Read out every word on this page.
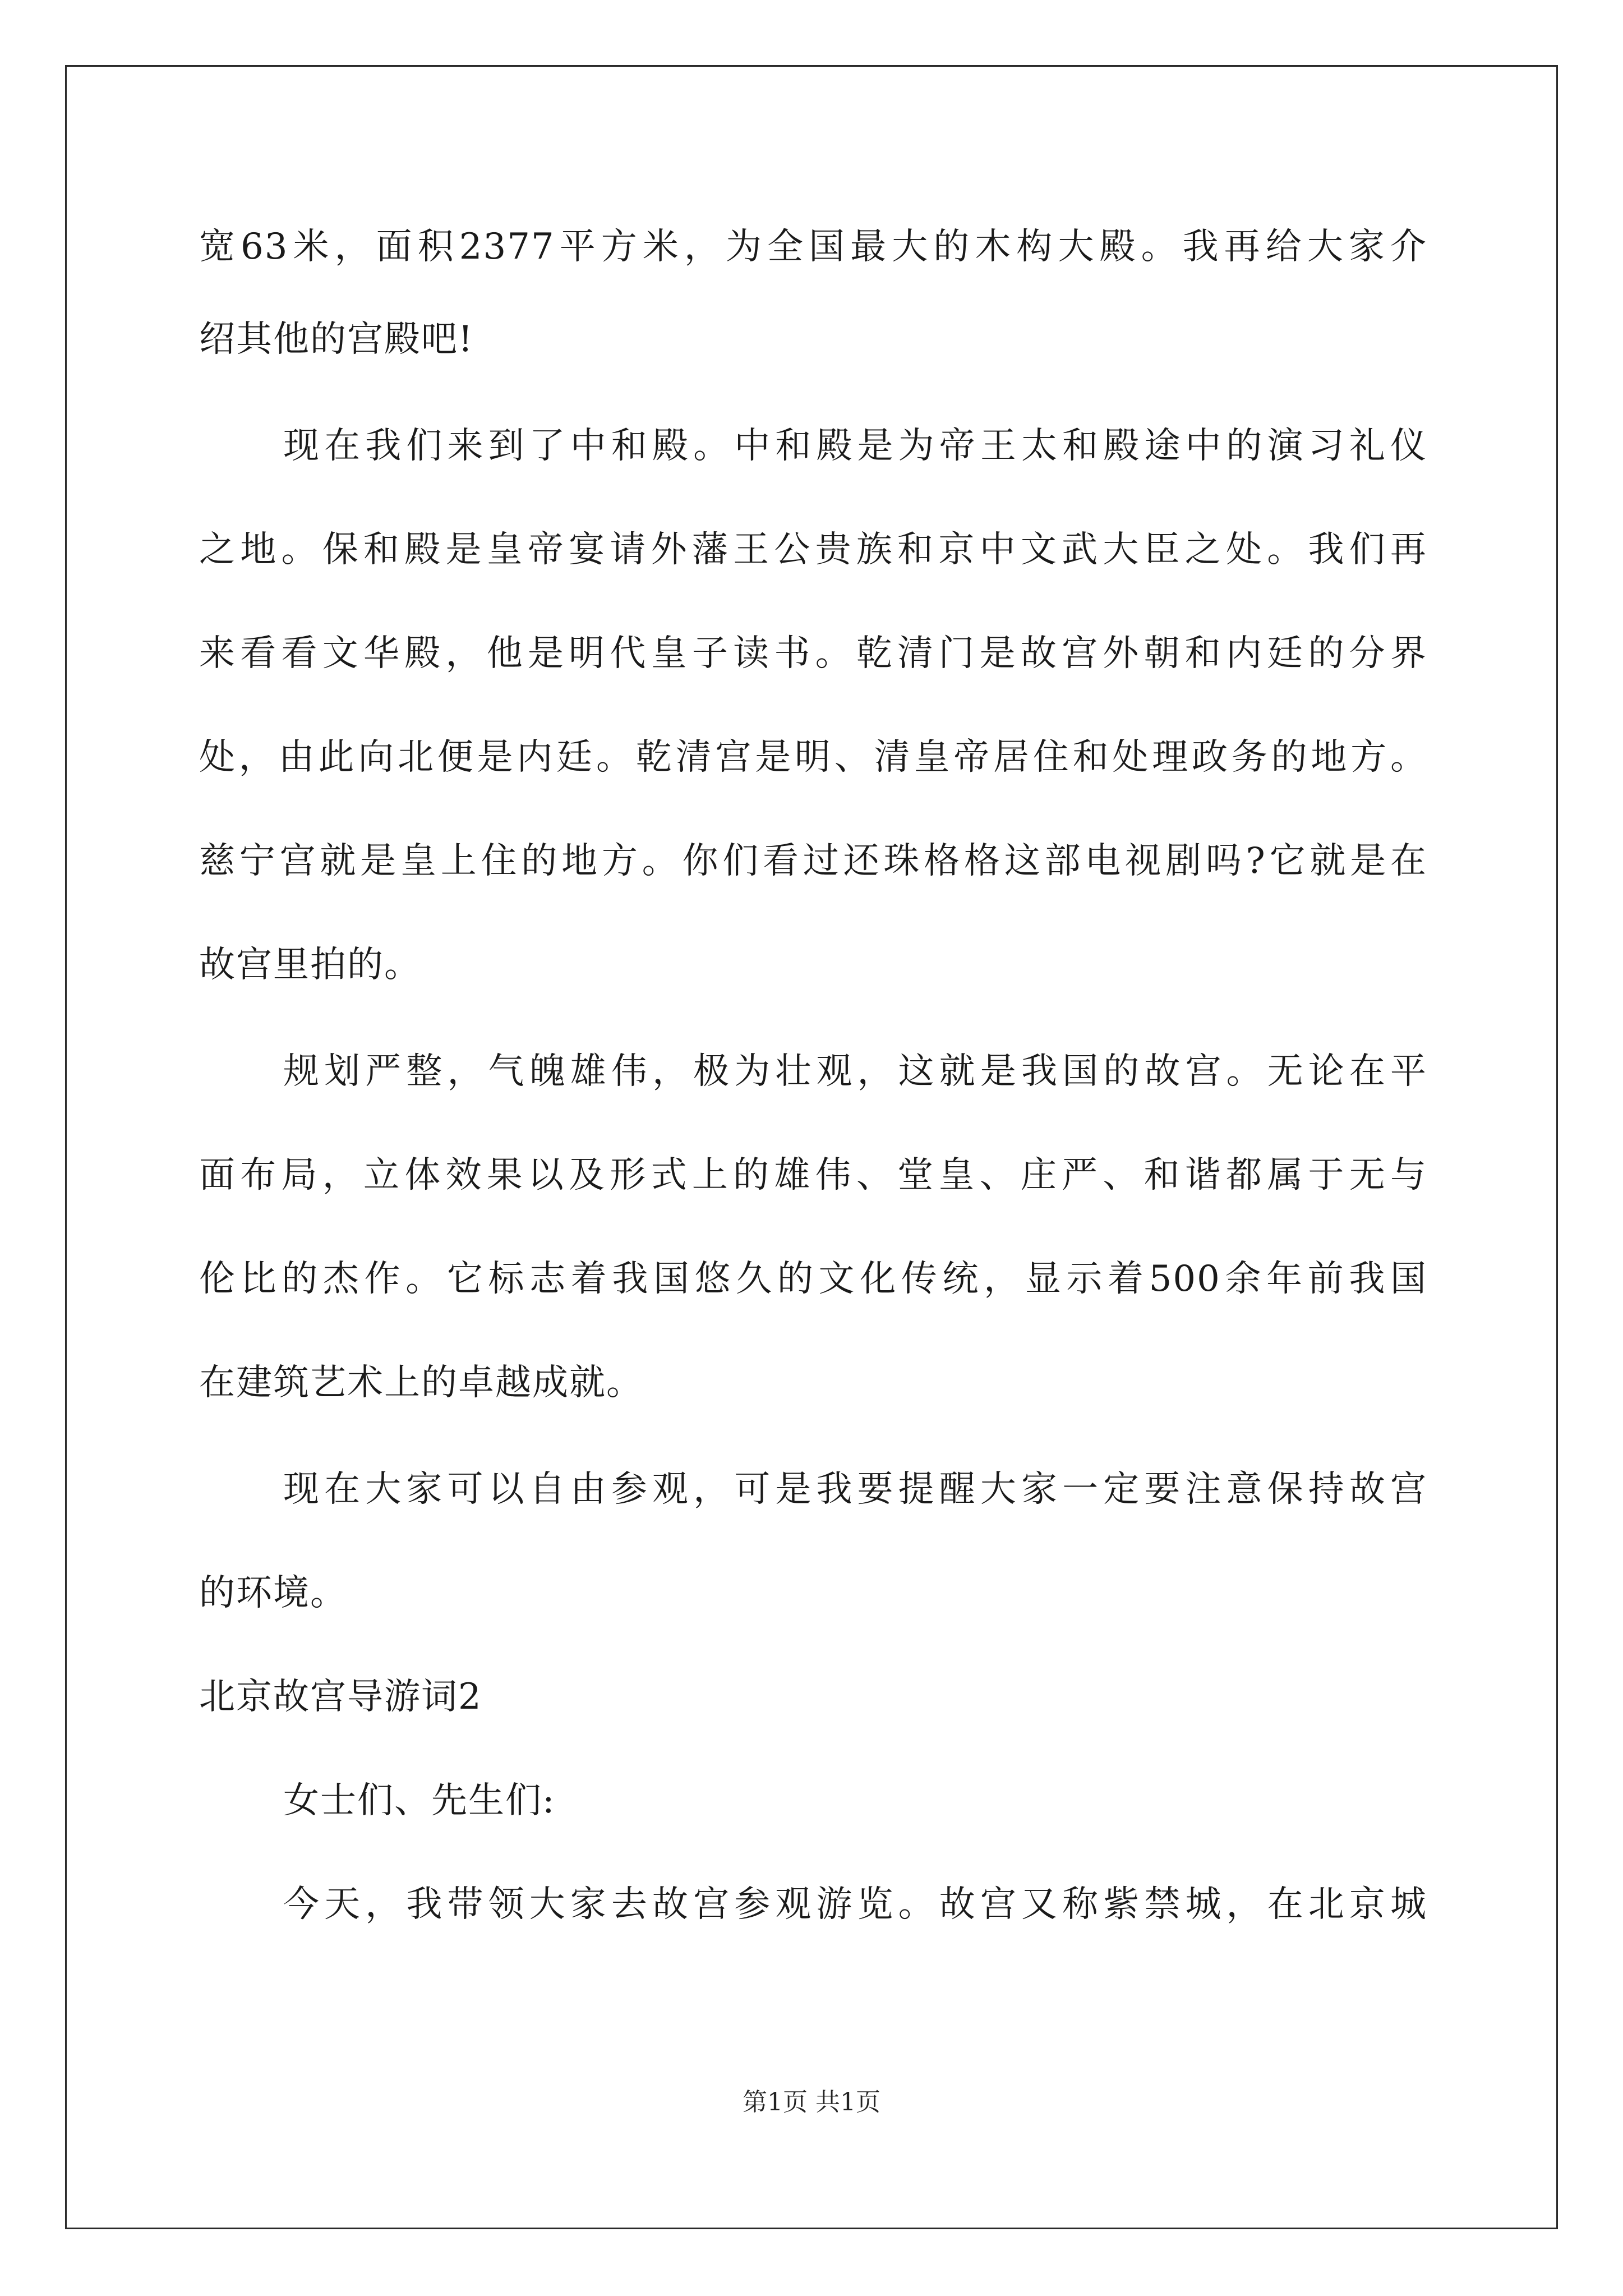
宽63米，面积2377平方米，为全国最大的木构大殿。我再给大家介
绍其他的宫殿吧!
现在我们来到了中和殿。中和殿是为帝王太和殿途中的演习礼仪
之地。保和殿是皇帝宴请外藩王公贵族和京中文武大臣之处。我们再
来看看文华殿，他是明代皇子读书。乾清门是故宫外朝和内廷的分界
处，由此向北便是内廷。乾清宫是明、清皇帝居住和处理政务的地方。
慈宁宫就是皇上住的地方。你们看过还珠格格这部电视剧吗?它就是在
故宫里拍的。
规划严整，气魄雄伟，极为壮观，这就是我国的故宫。无论在平
面布局，立体效果以及形式上的雄伟、堂皇、庄严、和谐都属于无与
伦比的杰作。它标志着我国悠久的文化传统，显示着500余年前我国
在建筑艺术上的卓越成就。
现在大家可以自由参观，可是我要提醒大家一定要注意保持故宫
的环境。
北京故宫导游词2
女士们、先生们:
今天，我带领大家去故宫参观游览。故宫又称紫禁城，在北京城
第1页 共1页
